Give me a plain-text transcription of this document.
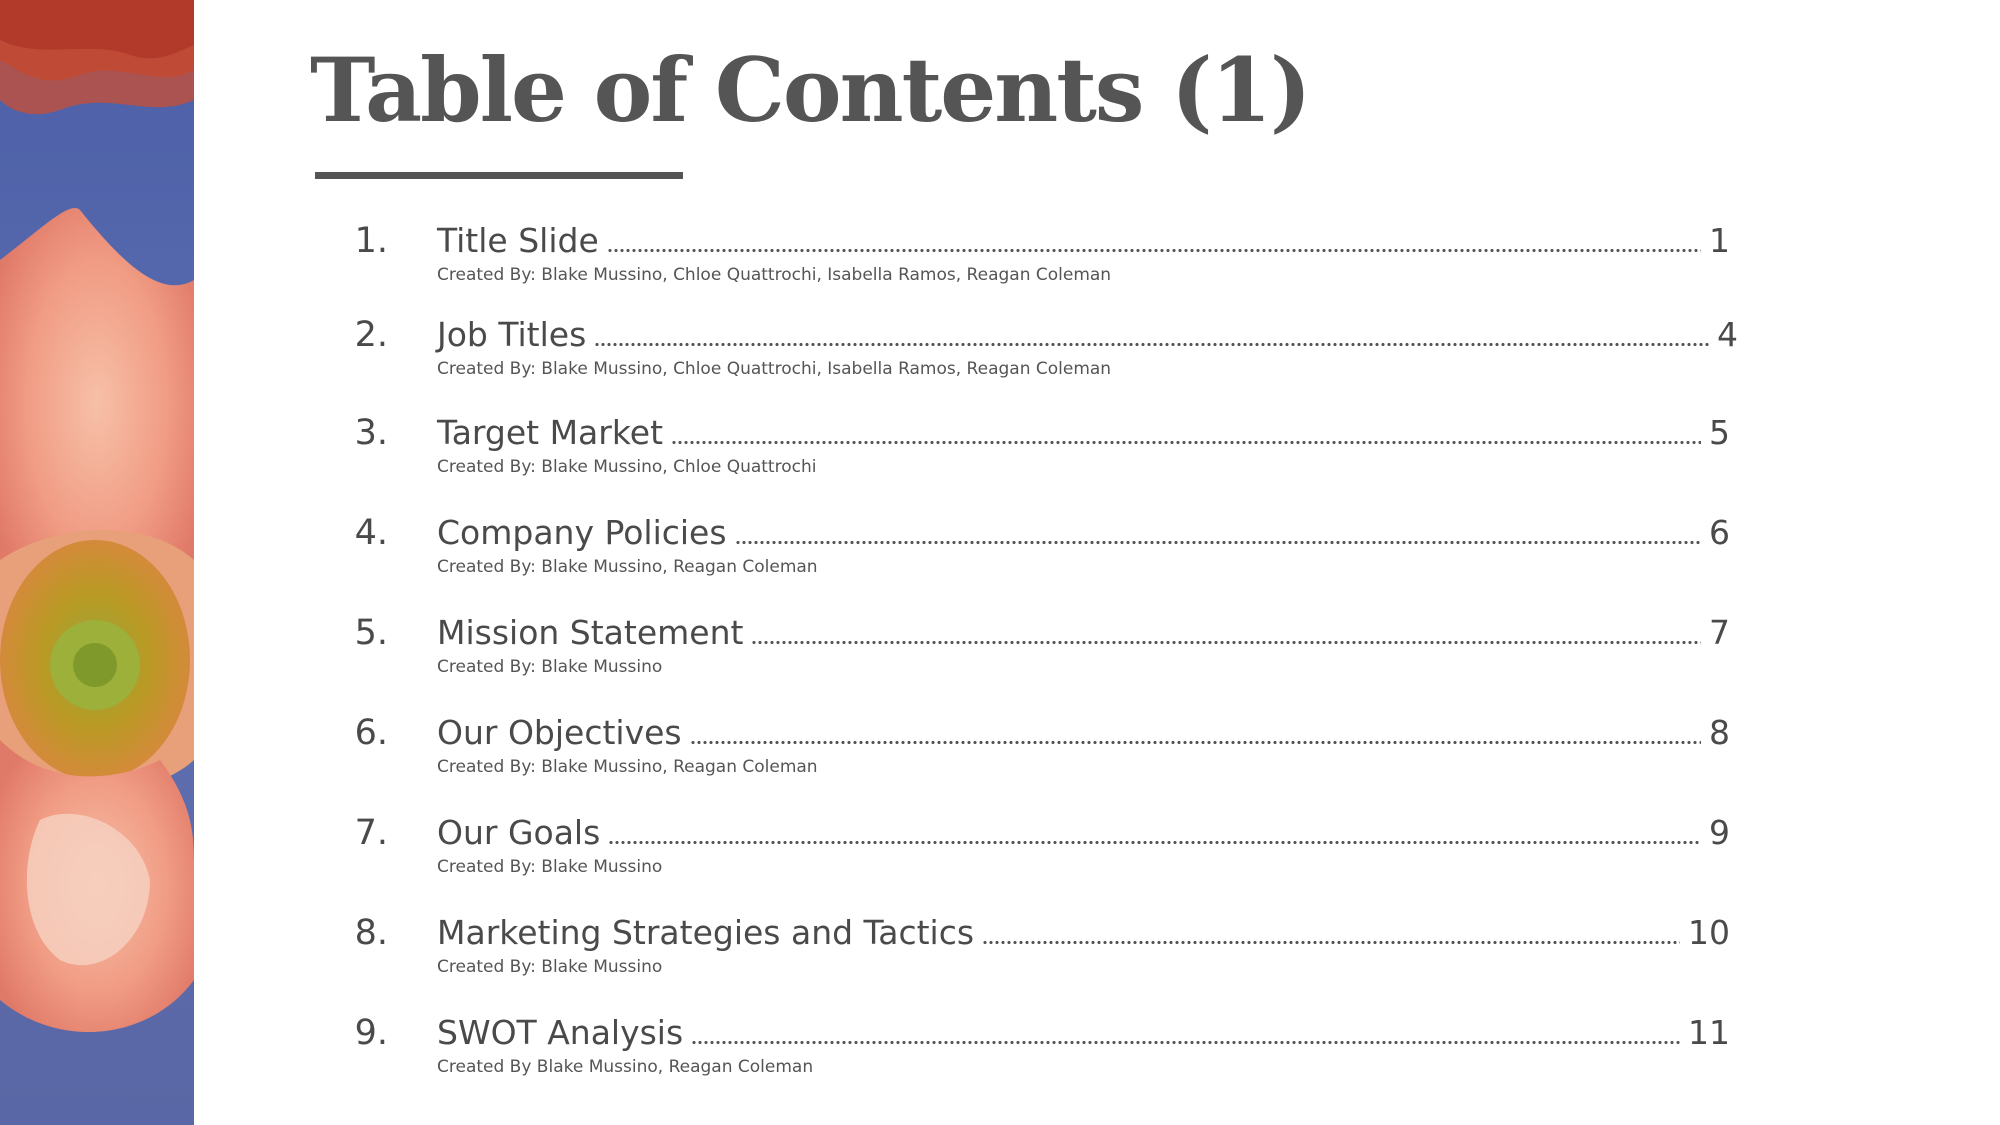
Table of Contents (1)
1. Title Slide	1
Created By: Blake Mussino, Chloe Quattrochi, Isabella Ramos, Reagan Coleman
2. Job Titles	4
Created By: Blake Mussino, Chloe Quattrochi, Isabella Ramos, Reagan Coleman
3. Target Market	5
Created By: Blake Mussino, Chloe Quattrochi
4. Company Policies	6
Created By: Blake Mussino, Reagan Coleman
5. Mission Statement	7
Created By: Blake Mussino
6. Our Objectives	8
Created By: Blake Mussino, Reagan Coleman
7. Our Goals	9
Created By: Blake Mussino
8. Marketing Strategies and Tactics	10
Created By: Blake Mussino
9. SWOT Analysis	11
Created By Blake Mussino, Reagan Coleman
